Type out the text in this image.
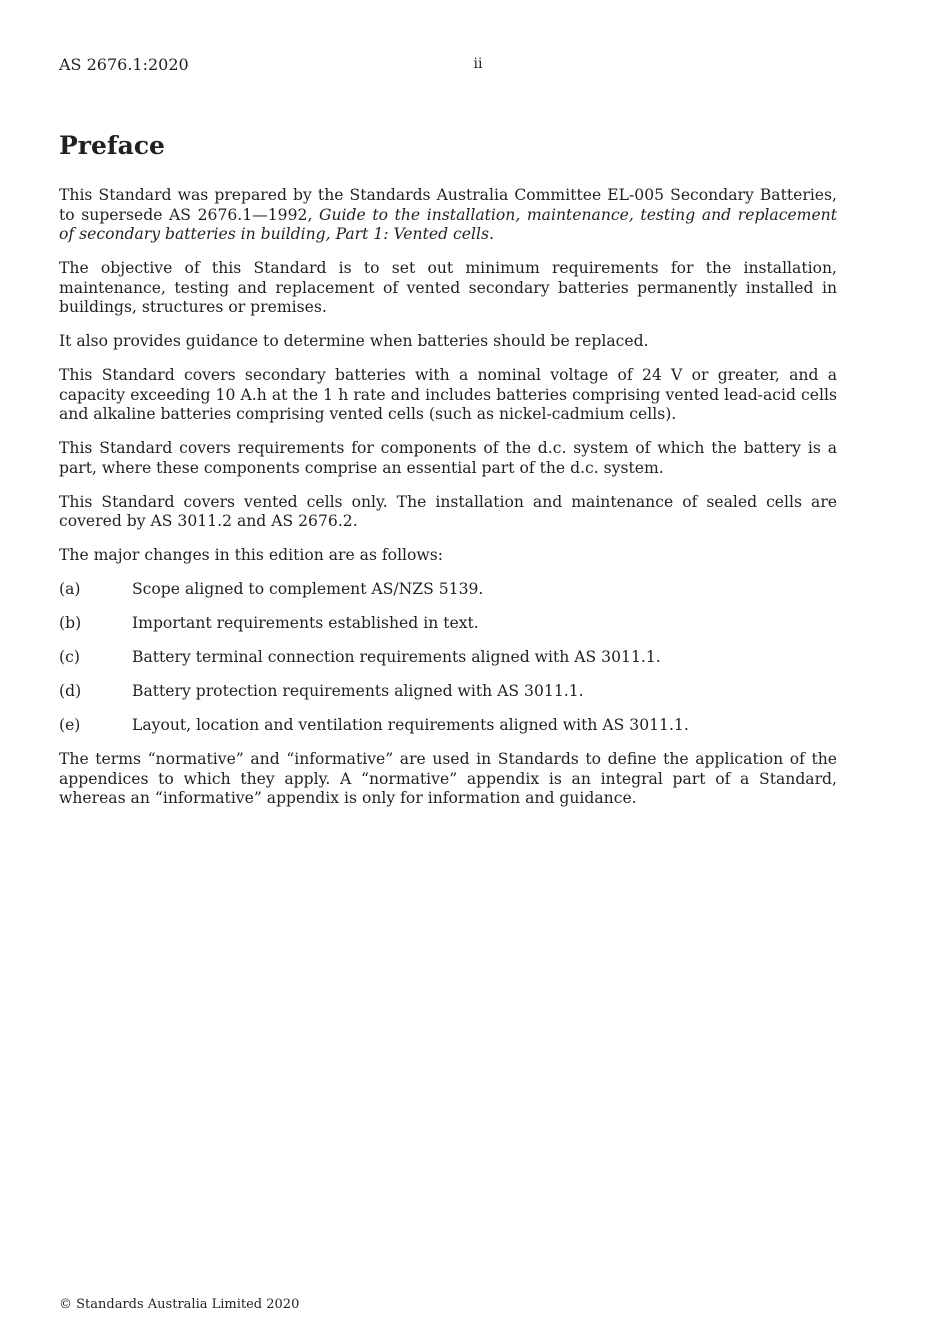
AS 2676.1:2020	ii
Preface

This Standard was prepared by the Standards Australia Committee EL-005 Secondary Batteries, to supersede AS 2676.1—1992, Guide to the installation, maintenance, testing and replacement of secondary batteries in building, Part 1: Vented cells.

The objective of this Standard is to set out minimum requirements for the installation, maintenance, testing and replacement of vented secondary batteries permanently installed in buildings, structures or premises.

It also provides guidance to determine when batteries should be replaced.

This Standard covers secondary batteries with a nominal voltage of 24 V or greater, and a capacity exceeding 10 A.h at the 1 h rate and includes batteries comprising vented lead-acid cells and alkaline batteries comprising vented cells (such as nickel-cadmium cells).

This Standard covers requirements for components of the d.c. system of which the battery is a part, where these components comprise an essential part of the d.c. system.

This Standard covers vented cells only. The installation and maintenance of sealed cells are covered by AS 3011.2 and AS 2676.2.

The major changes in this edition are as follows:

(a)	Scope aligned to complement AS/NZS 5139.
(b)	Important requirements established in text.
(c)	Battery terminal connection requirements aligned with AS 3011.1.
(d)	Battery protection requirements aligned with AS 3011.1.
(e)	Layout, location and ventilation requirements aligned with AS 3011.1.

The terms “normative” and “informative” are used in Standards to define the application of the appendices to which they apply. A “normative” appendix is an integral part of a Standard, whereas an “informative” appendix is only for information and guidance.

© Standards Australia Limited 2020
